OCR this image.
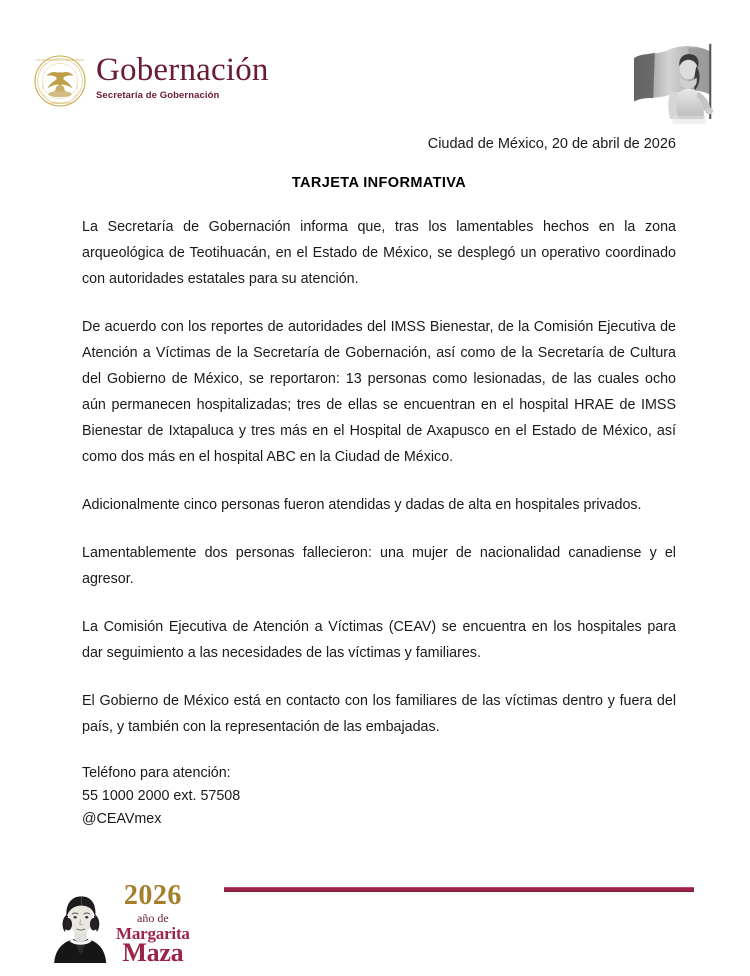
ESTADOS UNIDOS MEXICANOS
GOBERNACIÓN
Gobernación
Secretaría de Gobernación
Ciudad de México, 20 de abril de 2026
TARJETA INFORMATIVA

La Secretaría de Gobernación informa que, tras los lamentables hechos en la zona arqueológica de Teotihuacán, en el Estado de México, se desplegó un operativo coordinado con autoridades estatales para su atención.

De acuerdo con los reportes de autoridades del IMSS Bienestar, de la Comisión Ejecutiva de Atención a Víctimas de la Secretaría de Gobernación, así como de la Secretaría de Cultura del Gobierno de México, se reportaron: 13 personas como lesionadas, de las cuales ocho aún permanecen hospitalizadas; tres de ellas se encuentran en el hospital HRAE de IMSS Bienestar de Ixtapaluca y tres más en el Hospital de Axapusco en el Estado de México, así como dos más en el hospital ABC en la Ciudad de México.

Adicionalmente cinco personas fueron atendidas y dadas de alta en hospitales privados.

Lamentablemente dos personas fallecieron: una mujer de nacionalidad canadiense y el agresor.

La Comisión Ejecutiva de Atención a Víctimas (CEAV) se encuentra en los hospitales para dar seguimiento a las necesidades de las víctimas y familiares.

El Gobierno de México está en contacto con los familiares de las víctimas dentro y fuera del país, y también con la representación de las embajadas.

Teléfono para atención:
55 1000 2000 ext. 57508
@CEAVmex
2026
año de
Margarita
Maza
